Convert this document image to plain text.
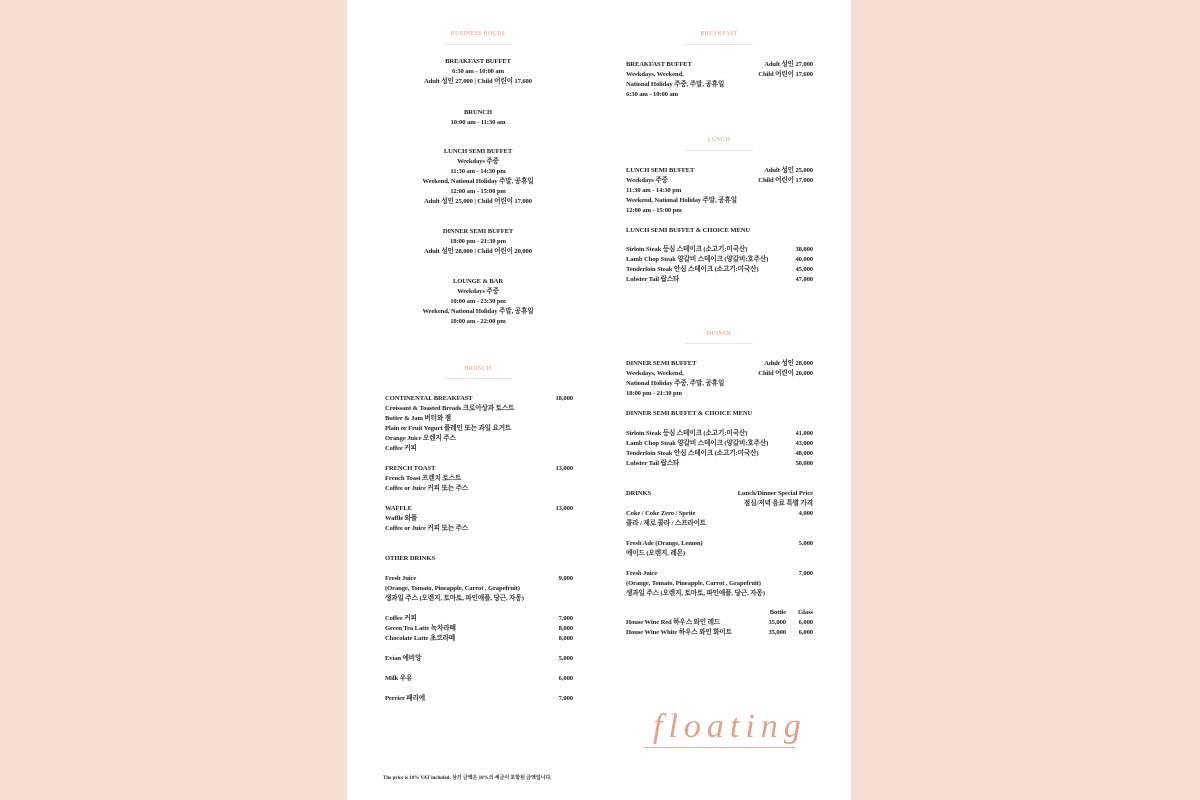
BUSINESS HOURS
BREAKFAST BUFFET
6:30 am - 10:00 am
Adult 성인 27,000 | Child 어린이 17,600
BRUNCH
10:00 am - 11:30 am
LUNCH SEMI BUFFET
Weekdays 주중
11:30 am - 14:30 pm
Weekend, National Holiday 주말, 공휴일
12:00 am - 15:00 pm
Adult 성인 25,000 | Child 어린이 17,000
DINNER SEMI BUFFET
18:00 pm - 21:30 pm
Adult 성인 28,000 | Child 어린이 20,000
LOUNGE & BAR
Weekdays 주중
10:00 am - 23:30 pm
Weekend, National Holiday 주말, 공휴일
10:00 am - 22:00 pm
BRUNCH
CONTINENTAL BREAKFAST	18,000
Croissant & Toasted Breads 크로아상과 토스트
Butter & Jam 버터와 잼
Plain or Fruit Yogurt 플레인 또는 과일 요거트
Orange Juice 오렌지 주스
Coffee 커피
FRENCH TOAST	13,000
French Toast 프렌치 토스트
Coffee or Juice 커피 또는 주스
WAFFLE	13,000
Waffle 와플
Coffee or Juice 커피 또는 주스
OTHER DRINKS
Fresh Juice	9,000
(Orange, Tomato, Pineapple, Carrot , Grapefruit)
생과일 주스 (오렌지, 토마토, 파인애플, 당근, 자몽)
Coffee 커피	7,000
Green Tea Latte 녹차라떼	8,000
Chocolate Latte 초코라떼	8,000
Evian 에비앙	5,000
Milk 우유	6,000
Perrier 페리에	7,000
BREAKFAST
BREAKFAST BUFFET
Weekdays, Weekend,
National Holiday 주중, 주말, 공휴일
6:30 am - 10:00 am
Adult 성인 27,000
Child 어린이 17,600
LUNCH
LUNCH SEMI BUFFET
Weekdays 주중
11:30 am - 14:30 pm
Weekend, National Holiday 주말, 공휴일
12:00 am - 15:00 pm
Adult 성인 25,000
Child 어린이 17,000
LUNCH SEMI BUFFET & CHOICE MENU
Sirloin Steak 등심 스테이크 (소고기:미국산)	38,000
Lamb Chop Steak 양갈비 스테이크 (양갈비:호주산)	40,000
Tenderloin Steak 안심 스테이크 (소고기:미국산)	45,000
Lobster Tail 랍스타	47,000
DINNER
DINNER SEMI BUFFET
Weekdays, Weekend,
National Holiday 주중, 주말, 공휴일
18:00 pm - 21:30 pm
Adult 성인 28,000
Child 어린이 20,000
DINNER SEMI BUFFET & CHOICE MENU
Sirloin Steak 등심 스테이크 (소고기:미국산)	41,000
Lamb Chop Steak 양갈비 스테이크 (양갈비:호주산)	43,000
Tenderloin Steak 안심 스테이크 (소고기:미국산)	48,000
Lobster Tail 랍스타	50,000
DRINKS	Lunch/Dinner Special Price
점심/저녁 음료 특별 가격
Coke / Coke Zero / Sprite	4,000
콜라 / 제로 콜라 / 스프라이트
Fresh Ade (Orange, Lemon)	5,000
에이드 (오렌지, 레몬)
Fresh Juice	7,000
(Orange, Tomato, Pineapple, Carrot , Grapefruit)
생과일 주스 (오렌지, 토마토, 파인애플, 당근, 자몽)
Bottle	Glass
House Wine Red 하우스 와인 레드	35,000	6,000
House Wine White 하우스 와인 화이트	35,000	6,000
floating
The price is 10% VAT included. 상기 금액은 10%의 세금이 포함된 금액입니다.
